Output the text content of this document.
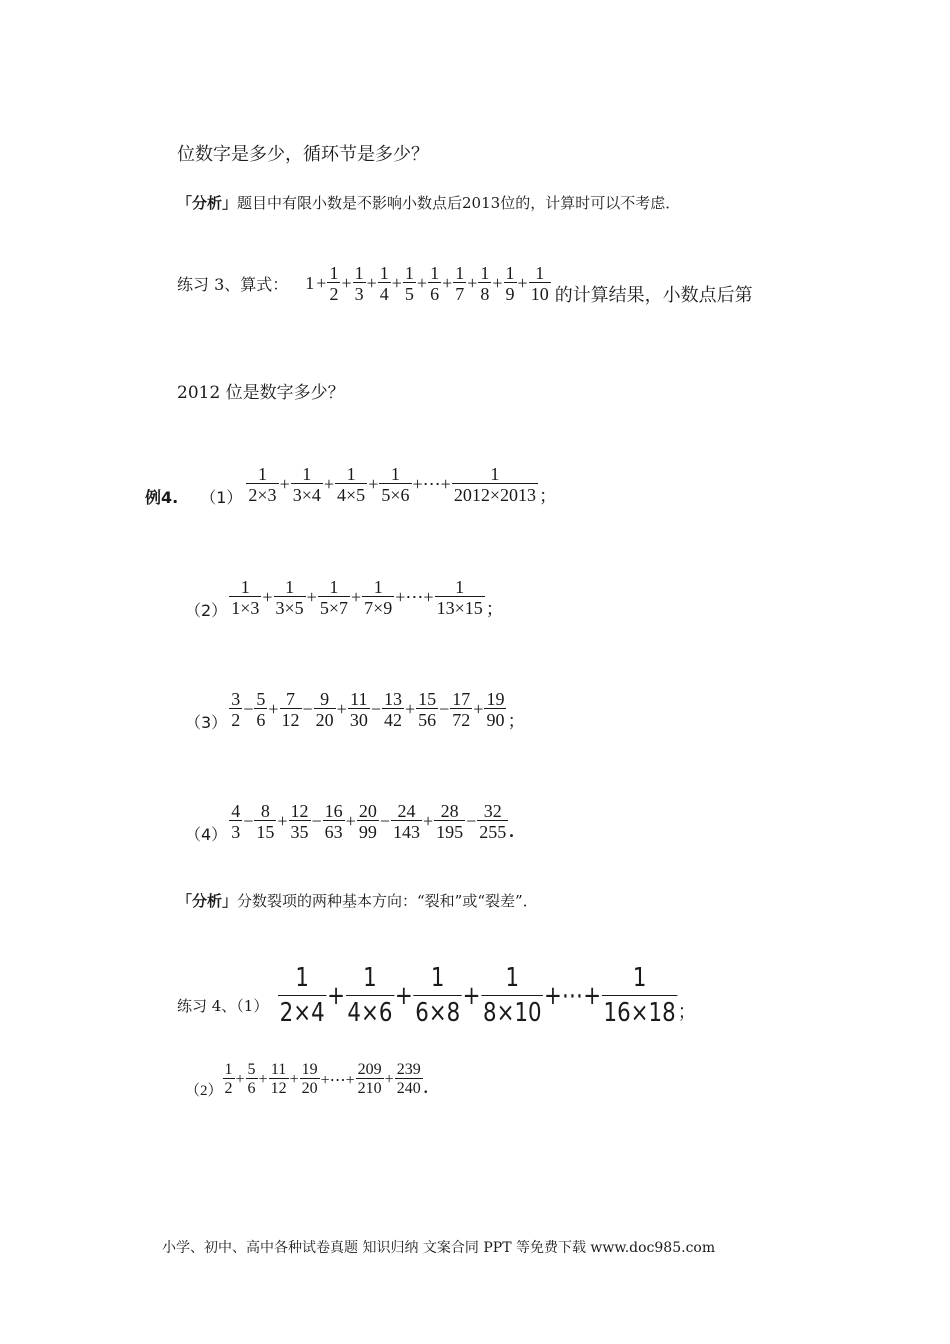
位数字是多少，循环节是多少？
「分析」题目中有限小数是不影响小数点后2013位的，计算时可以不考虑．
练习 3、算式： $1 + \frac{1}{2} + \frac{1}{3} + \frac{1}{4} + \frac{1}{5} + \frac{1}{6} + \frac{1}{7} + \frac{1}{8} + \frac{1}{9} + \frac{1}{10}$ 的计算结果，小数点后第
2012 位是数字多少？
例4. $(1) \frac{1}{2\times 3} + \frac{1}{3\times 4} + \frac{1}{4\times 5} + \frac{1}{5\times 6}$ +⋯+ $\frac{1}{2012\times 2013}$ ；
$(2) \frac{1}{1\times 3} + \frac{1}{3\times 5} + \frac{1}{5\times 7} + \frac{1}{7\times 9}$ +⋯+ $\frac{1}{13\times 15}$ ；
$(3) \frac{3}{2} - \frac{5}{6} + \frac{7}{12} - \frac{9}{20} + \frac{11}{30} - \frac{13}{42} + \frac{15}{56} - \frac{17}{72} + \frac{19}{90}$ ；
$(4) \frac{4}{3} - \frac{8}{15} + \frac{12}{35} - \frac{16}{63} + \frac{20}{99} - \frac{24}{143} + \frac{28}{195} - \frac{32}{255}$ .
「分析」分数裂项的两种基本方向：“裂和”或“裂差”．
练习 4、$(1) \frac{1}{2\times 4} + \frac{1}{4\times 6} + \frac{1}{6\times 8} + \frac{1}{8\times 10}$ +⋯+ $\frac{1}{16\times 18}$ ；
$(2) \frac{1}{2} + \frac{5}{6} + \frac{11}{12} + \frac{19}{20}$ +⋯+ $\frac{209}{210} + \frac{239}{240}$ .
小学、初中、高中各种试卷真题 知识归纳 文案合同 PPT 等免费下载 www.doc985.com
